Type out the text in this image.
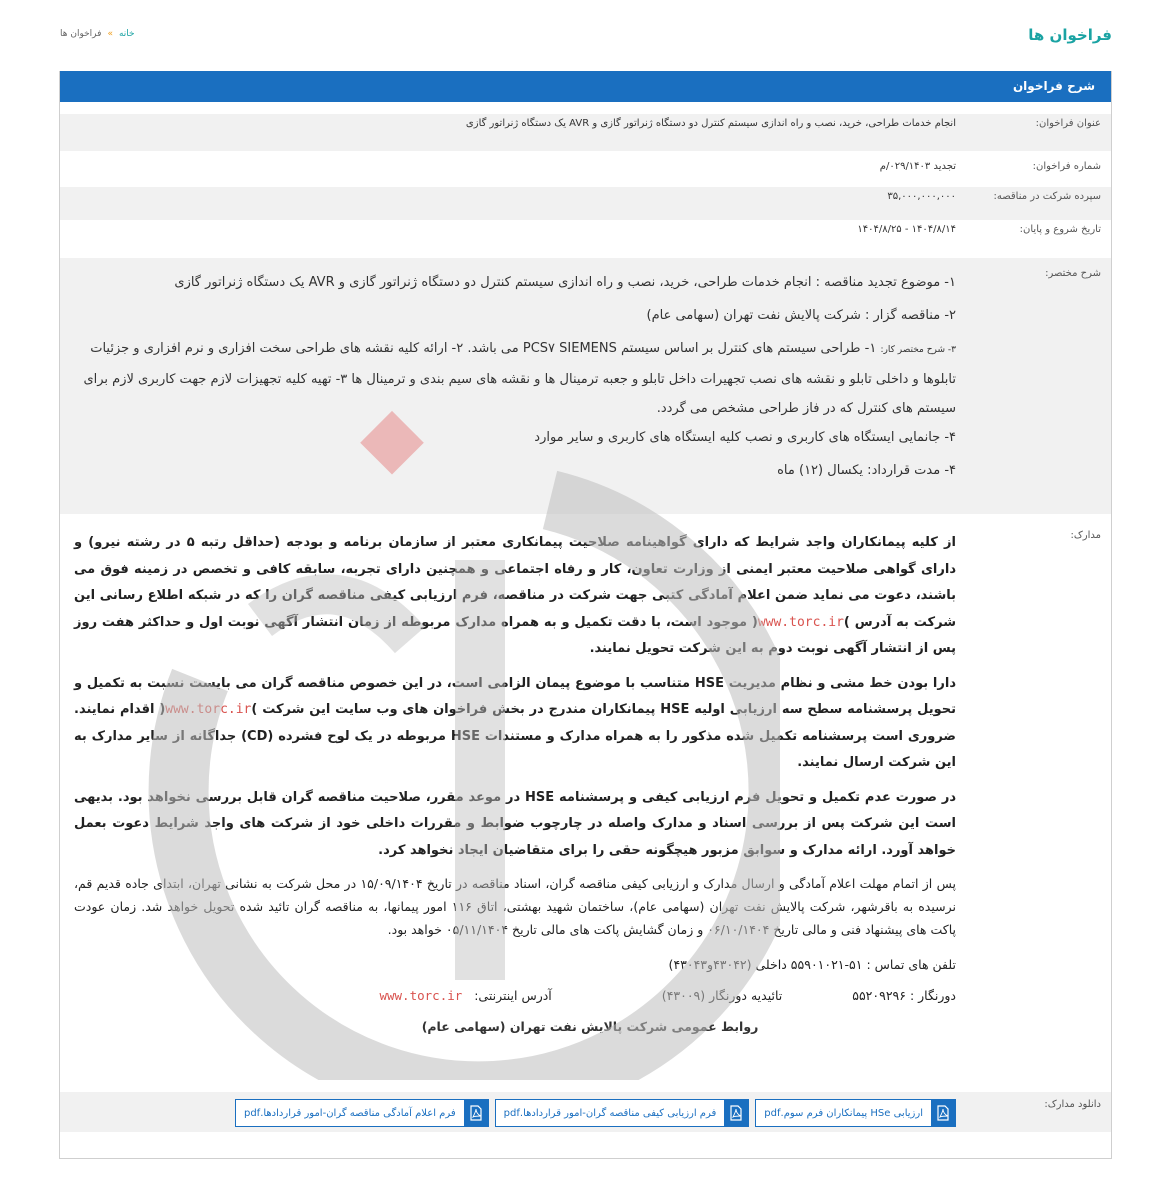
فراخوان ها
خانه
»
فراخوان ها
شرح فراخوان
عنوان فراخوان:
انجام خدمات طراحی، خرید، نصب و راه اندازی سیستم کنترل دو دستگاه ژنراتور گازی و AVR یک دستگاه ژنراتور گازی
شماره فراخوان:
تجدید ۰۲۹/۱۴۰۳/م
سپرده شرکت در مناقصه:
۳۵,۰۰۰,۰۰۰,۰۰۰
تاریخ شروع و پایان:
۱۴۰۴/۸/۱۴ - ۱۴۰۴/۸/۲۵
شرح مختصر:
۱- موضوع تجدید مناقصه : انجام خدمات طراحی، خرید، نصب و راه اندازی سیستم کنترل دو دستگاه ژنراتور گازی و AVR یک دستگاه ژنراتور گازی
۲- مناقصه گزار : شرکت پالایش نفت تهران (سهامی عام)
۳- شرح مختصر کار: ۱- طراحی سیستم های کنترل بر اساس سیستم PCS۷ SIEMENS می باشد. ۲- ارائه کلیه نقشه های طراحی سخت افزاری و نرم افزاری و جزئیات تابلوها و داخلی تابلو و نقشه های نصب تجهیرات داخل تابلو و جعبه ترمینال ها و نقشه های سیم بندی و ترمینال ها ۳- تهیه کلیه تجهیزات لازم جهت کاربری لازم برای سیستم های کنترل که در فاز طراحی مشخص می گردد.
۴- جانمایی ایستگاه های کاربری و نصب کلیه ایستگاه های کاربری و سایر موارد
۴- مدت قرارداد: یکسال (۱۲) ماه
مدارک:

از کلیه پیمانکاران واجد شرایط که دارای گواهینامه صلاحیت پیمانکاری معتبر از سازمان برنامه و بودجه (حداقل رتبه ۵ در رشته نیرو) و دارای گواهی صلاحیت معتبر ایمنی از وزارت تعاون، کار و رفاه اجتماعی و همچنین دارای تجربه، سابقه کافی و تخصص در زمینه فوق می باشند، دعوت می نماید ضمن اعلام آمادگی کتبی جهت شرکت در مناقصه، فرم ارزیابی کیفی مناقصه گران را که در شبکه اطلاع رسانی این شرکت به آدرس )www.torc.ir( موجود است، با دقت تکمیل و به همراه مدارک مربوطه از زمان انتشار آگهی نوبت اول و حداکثر هفت روز پس از انتشار آگهی نوبت دوم به این شرکت تحویل نمایند.

دارا بودن خط مشی و نظام مدیریت HSE متناسب با موضوع پیمان الزامی است، در این خصوص مناقصه گران می بایست نسبت به تکمیل و تحویل پرسشنامه سطح سه ارزیابی اولیه HSE پیمانکاران مندرج در بخش فراخوان های وب سایت این شرکت )www.torc.ir( اقدام نمایند. ضروری است پرسشنامه تکمیل شده مذکور را به همراه مدارک و مستندات HSE مربوطه در یک لوح فشرده (CD) جداگانه از سایر مدارک به این شرکت ارسال نمایند.

در صورت عدم تکمیل و تحویل فرم ارزیابی کیفی و پرسشنامه HSE در موعد مقرر، صلاحیت مناقصه گران قابل بررسی نخواهد بود. بدیهی است این شرکت پس از بررسی اسناد و مدارک واصله در چارچوب ضوابط و مقررات داخلی خود از شرکت های واجد شرایط دعوت بعمل خواهد آورد. ارائه مدارک و سوابق مزبور هیچگونه حقی را برای متقاضیان ایجاد نخواهد کرد.

پس از اتمام مهلت اعلام آمادگی و ارسال مدارک و ارزیابی کیفی مناقصه گران، اسناد مناقصه در تاریخ ۱۵/۰۹/۱۴۰۴ در محل شرکت به نشانی تهران، ابتدای جاده قدیم قم، نرسیده به باقرشهر، شرکت پالایش نفت تهران (سهامی عام)، ساختمان شهید بهشتی، اتاق ۱۱۶ امور پیمانها، به مناقصه گران تائید شده تحویل خواهد شد. زمان عودت پاکت های پیشنهاد فنی و مالی تاریخ ۰۶/۱۰/۱۴۰۴ و زمان گشایش پاکت های مالی تاریخ ۰۵/۱۱/۱۴۰۴ خواهد بود.

تلفن های تماس : ۵۱-۵۵۹۰۱۰۲۱ داخلی (۴۳۰۴۲و۴۳۰۴۳)
دورنگار : ۵۵۲۰۹۲۹۶
تائیدیه دورنگار (۴۳۰۰۹)
آدرس اینترنتی:   www.torc.ir
روابط عمومی شرکت پالایش نفت تهران (سهامی عام)
دانلود مدارک:
ارزیابی HSe پیمانکاران فرم سوم.pdf
فرم ارزیابی کیفی مناقصه گران-امور قراردادها.pdf
فرم اعلام آمادگی مناقصه گران-امور قراردادها.pdf
